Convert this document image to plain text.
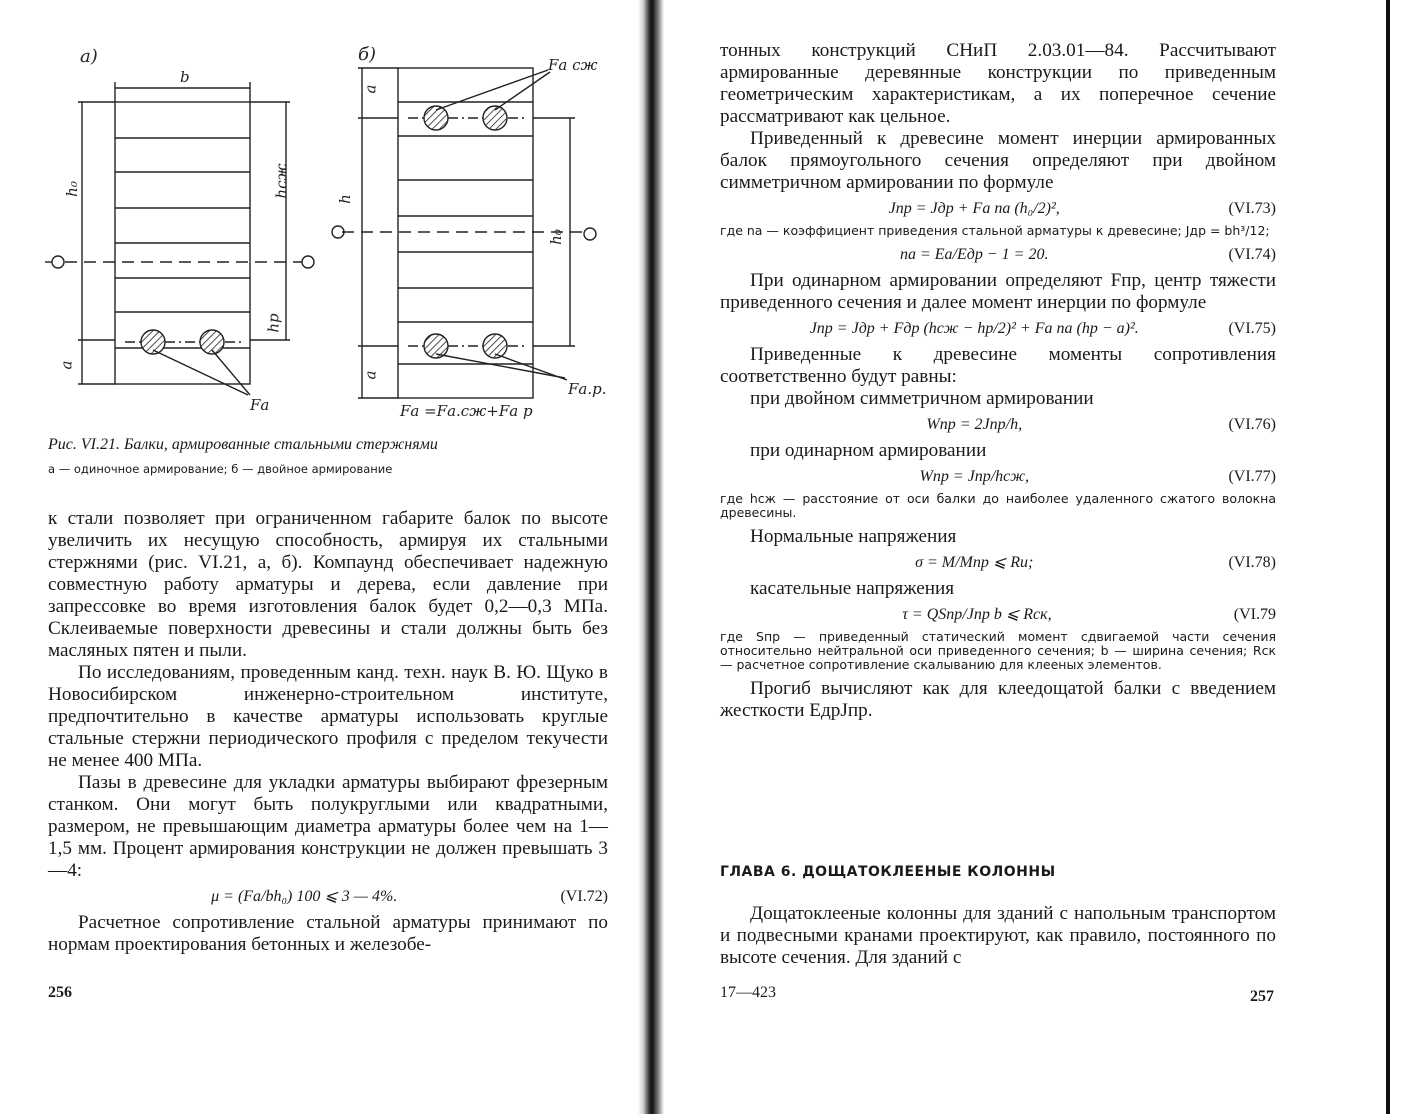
а)	б)
b
h₀
a
hсж
hр
Fа
a
h
h₀
a
Fа сж
Fа.р.
Fа =Fа.сж+Fа р

Рис. VI.21. Балки, армированные стальными стержнями

а — одиночное армирование; б — двойное армирование

к стали позволяет при ограниченном габарите балок по высоте увеличить их несущую способность, армируя их стальными стержнями (рис. VI.21, а, б). Компаунд обеспечивает надежную совместную работу арматуры и дерева, если давление при запрессовке во время изготовления балок будет 0,2—0,3 МПа. Склеиваемые поверхности древесины и стали должны быть без масляных пятен и пыли.

По исследованиям, проведенным канд. техн. наук В. Ю. Щуко в Новосибирском инженерно-строительном институте, предпочтительно в качестве арматуры использовать круглые стальные стержни периодического профиля с пределом текучести не менее 400 МПа.

Пазы в древесине для укладки арматуры выбирают фрезерным станком. Они могут быть полукруглыми или квадратными, размером, не превышающим диаметра арматуры более чем на 1—1,5 мм. Процент армирования конструкции не должен превышать 3—4:

μ = (Fa/bh₀) 100 ⩽ 3 — 4%.	(VI.72)

Расчетное сопротивление стальной арматуры принимают по нормам проектирования бетонных и железобе-

256

тонных конструкций СНиП 2.03.01—84. Рассчитывают армированные деревянные конструкции по приведенным геометрическим характеристикам, а их поперечное сечение рассматривают как цельное.

Приведенный к древесине момент инерции армированных балок прямоугольного сечения определяют при двойном симметричном армировании по формуле

Jпр = Jдр + Fа nа (h₀/2)²,	(VI.73)

где nа — коэффициент приведения стальной арматуры к древесине; Jдр = bh³/12;

nа = Eа/Eдр − 1 = 20.	(VI.74)

При одинарном армировании определяют Fпр, центр тяжести приведенного сечения и далее момент инерции по формуле

Jпр = Jдр + Fдр (hсж − hр/2)² + Fа nа (hр − a)².	(VI.75)

Приведенные к древесине моменты сопротивления соответственно будут равны:

при двойном симметричном армировании

Wпр = 2Jпр/h,	(VI.76)

при одинарном армировании

Wпр = Jпр/hсж,	(VI.77)

где hсж — расстояние от оси балки до наиболее удаленного сжатого волокна древесины.

Нормальные напряжения

σ = M/Mпр ⩽ Rи;	(VI.78)

касательные напряжения

τ = QSпр/Jпр b ⩽ Rск,	(VI.79

где Sпр — приведенный статический момент сдвигаемой части сечения относительно нейтральной оси приведенного сечения; b — ширина сечения; Rск — расчетное сопротивление скалыванию для клееных элементов.

Прогиб вычисляют как для клеедощатой балки с введением жесткости EдрJпр.

ГЛАВА 6. ДОЩАТОКЛЕЕНЫЕ КОЛОННЫ

Дощатоклееные колонны для зданий с напольным транспортом и подвесными кранами проектируют, как правило, постоянного по высоте сечения. Для зданий с

17—423	257
